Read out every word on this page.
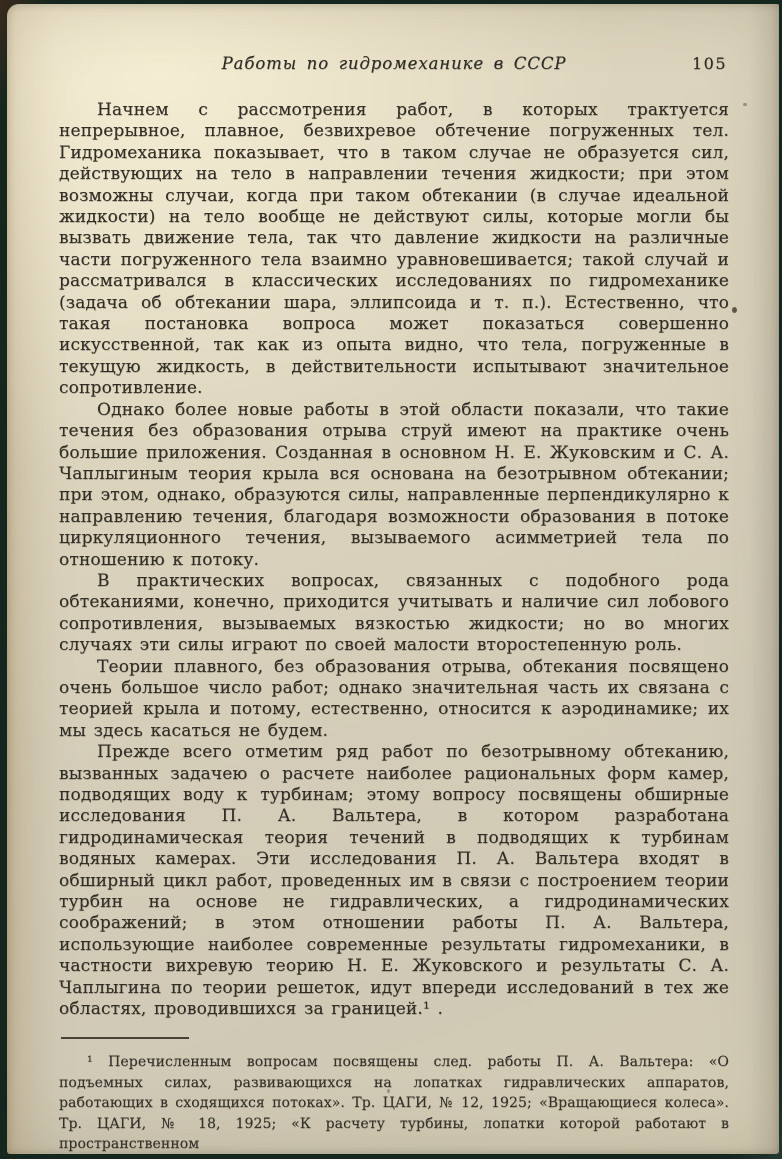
Работы по гидромеханике в СССР	105

Начнем с рассмотрения работ, в которых трактуется непрерывное, плавное, безвихревое обтечение погруженных тел. Гидромеханика показывает, что в таком случае не образуется сил, действующих на тело в направлении течения жидкости; при этом возможны случаи, когда при таком обтекании (в случае идеальной жидкости) на тело вообще не действуют силы, которые могли бы вызвать движение тела, так что давление жидкости на различные части погруженного тела взаимно уравновешивается; такой случай и рассматривался в классических исследованиях по гидромеханике (задача об обтекании шара, эллипсоида и т. п.). Естественно, что такая постановка вопроса может показаться совершенно искусственной, так как из опыта видно, что тела, погруженные в текущую жидкость, в действительности испытывают значительное сопротивление.

Однако более новые работы в этой области показали, что такие течения без образования отрыва струй имеют на практике очень большие приложения. Созданная в основном Н. Е. Жуковским и С. А. Чаплыгиным теория крыла вся основана на безотрывном обтекании; при этом, однако, образуются силы, направленные перпендикулярно к направлению течения, благодаря возможности образования в потоке циркуляционного течения, вызываемого асимметрией тела по отношению к потоку.

В практических вопросах, связанных с подобного рода обтеканиями, конечно, приходится учитывать и наличие сил лобового сопротивления, вызываемых вязкостью жидкости; но во многих случаях эти силы играют по своей малости второстепенную роль.

Теории плавного, без образования отрыва, обтекания посвящено очень большое число работ; однако значительная часть их связана с теорией крыла и потому, естественно, относится к аэродинамике; их мы здесь касаться не будем.

Прежде всего отметим ряд работ по безотрывному обтеканию, вызванных задачею о расчете наиболее рациональных форм камер, подводящих воду к турбинам; этому вопросу посвящены обширные исследования П. А. Вальтера, в котором разработана гидродинамическая теория течений в подводящих к турбинам водяных камерах. Эти исследования П. А. Вальтера входят в обширный цикл работ, проведенных им в связи с построением теории турбин на основе не гидравлических, а гидродинамических соображений; в этом отношении работы П. А. Вальтера, использующие наиболее современные результаты гидромеханики, в частности вихревую теорию Н. Е. Жуковского и результаты С. А. Чаплыгина по теории решеток, идут впереди исследований в тех же областях, проводившихся за границей.¹ .

¹ Перечисленным вопросам посвящены след. работы П. А. Вальтера: «О подъемных силах, развивающихся на лопатках гидравлических аппаратов, работающих в сходящихся потоках». Тр. ЦАГИ, № 12, 1925; «Вращающиеся колеса». Тр. ЦАГИ, № 18, 1925; «К расчету турбины, лопатки которой работают в пространственном
